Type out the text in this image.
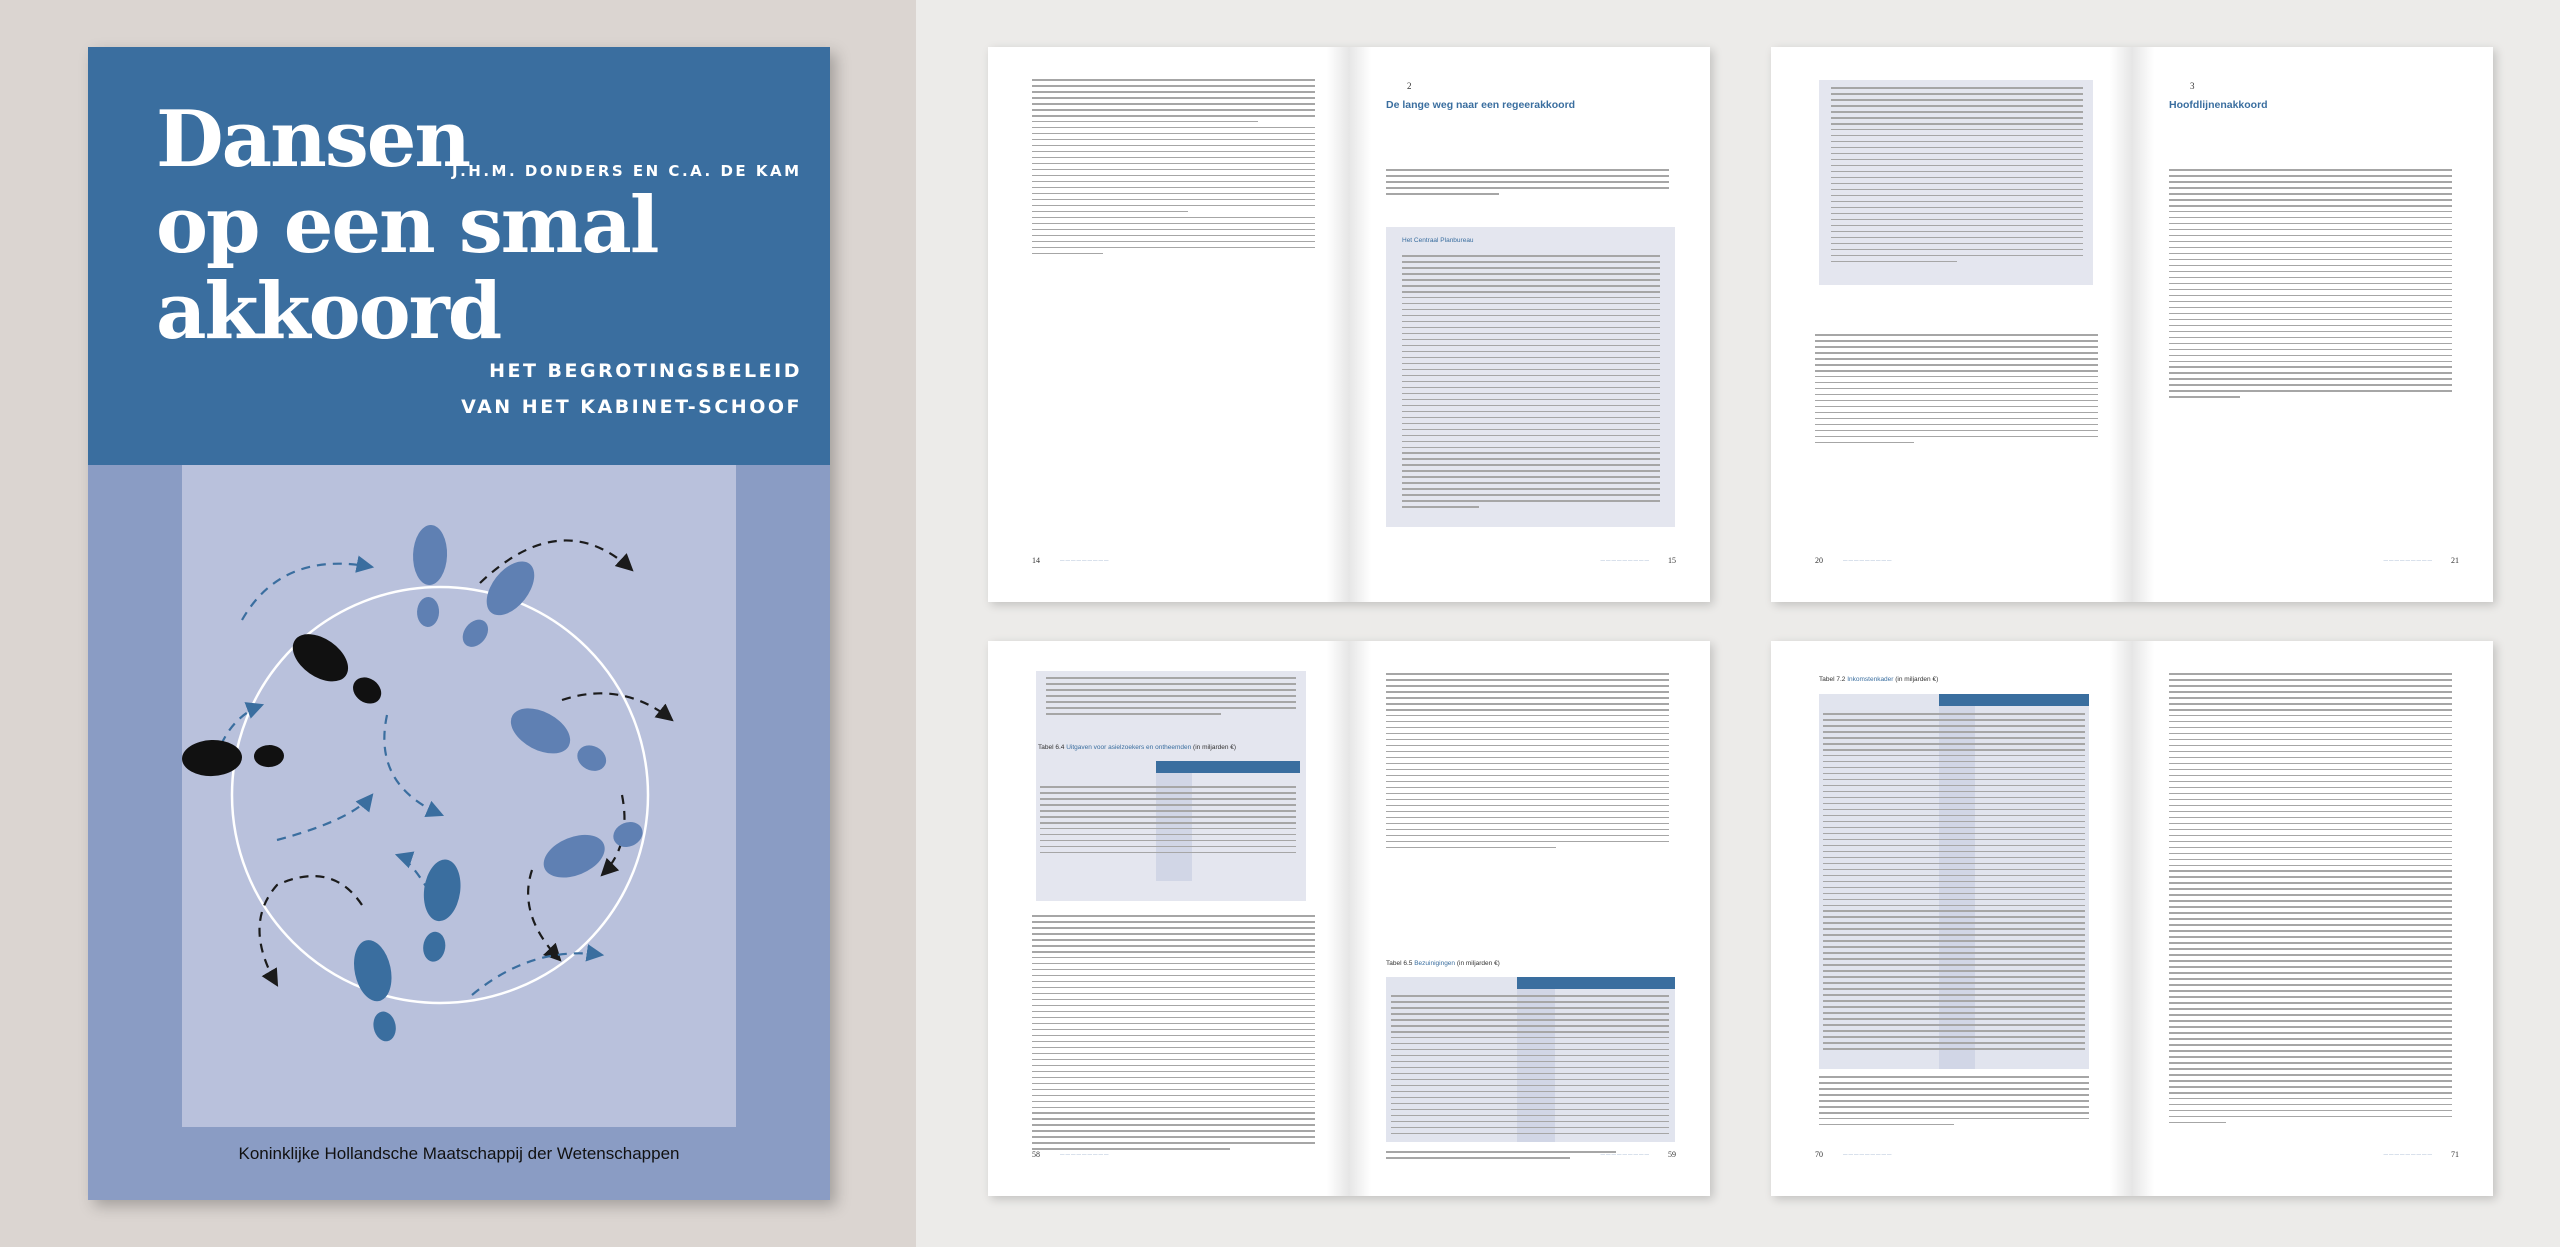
Dansen
op een smal
akkoord
J.H.M. DONDERS EN C.A. DE KAM
HET BEGROTINGSBELEID
VAN HET KABINET-SCHOOF
Koninklijke Hollandsche Maatschappij der Wetenschappen
14	—————————
2
De lange weg naar een regeerakkoord
Het Centraal Planbureau
————————— 15	20	—————————
3
Hoofdlijnenakkoord
————————— 21
Tabel 6.4 Uitgaven voor asielzoekers en ontheemden (in miljarden €)
58	—————————
Tabel 6.5 Bezuinigingen (in miljarden €)
————————— 59
Tabel 7.2 Inkomstenkader (in miljarden €)
70	—————————	————————— 71
